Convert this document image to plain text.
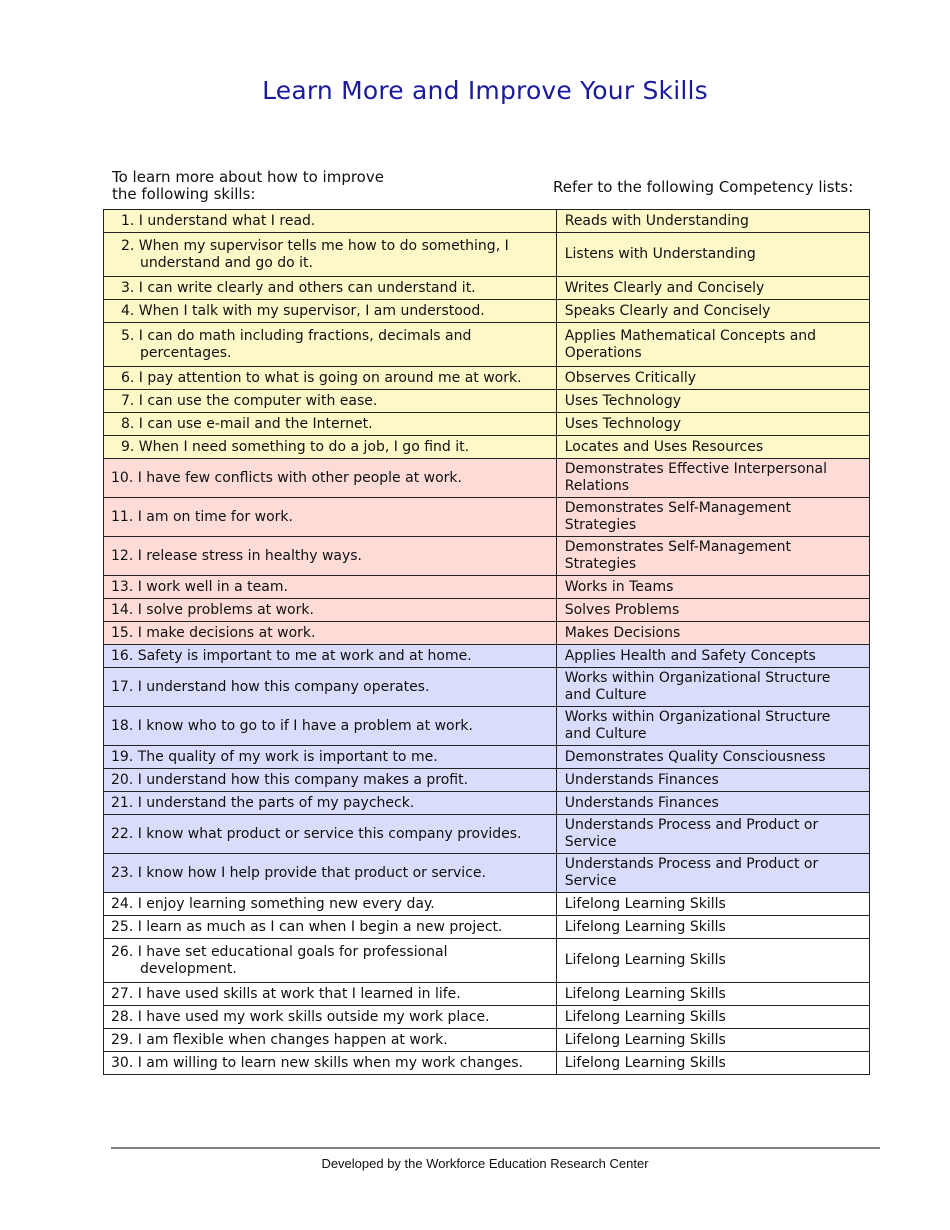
Learn More and Improve Your Skills
To learn more about how to improve the following skills:	Refer to the following Competency lists:
1. I understand what I read.	Reads with Understanding
2. When my supervisor tells me how to do something, I understand and go do it.	Listens with Understanding
3. I can write clearly and others can understand it.	Writes Clearly and Concisely
4. When I talk with my supervisor, I am understood.	Speaks Clearly and Concisely
5. I can do math including fractions, decimals and percentages.	Applies Mathematical Concepts and Operations
6. I pay attention to what is going on around me at work.	Observes Critically
7. I can use the computer with ease.	Uses Technology
8. I can use e-mail and the Internet.	Uses Technology
9. When I need something to do a job, I go find it.	Locates and Uses Resources
10. I have few conflicts with other people at work.	Demonstrates Effective Interpersonal Relations
11. I am on time for work.	Demonstrates Self-Management Strategies
12. I release stress in healthy ways.	Demonstrates Self-Management Strategies
13. I work well in a team.	Works in Teams
14. I solve problems at work.	Solves Problems
15. I make decisions at work.	Makes Decisions
16. Safety is important to me at work and at home.	Applies Health and Safety Concepts
17. I understand how this company operates.	Works within Organizational Structure and Culture
18. I know who to go to if I have a problem at work.	Works within Organizational Structure and Culture
19. The quality of my work is important to me.	Demonstrates Quality Consciousness
20. I understand how this company makes a profit.	Understands Finances
21. I understand the parts of my paycheck.	Understands Finances
22. I know what product or service this company provides.	Understands Process and Product or Service
23. I know how I help provide that product or service.	Understands Process and Product or Service
24. I enjoy learning something new every day.	Lifelong Learning Skills
25. I learn as much as I can when I begin a new project.	Lifelong Learning Skills
26. I have set educational goals for professional development.	Lifelong Learning Skills
27. I have used skills at work that I learned in life.	Lifelong Learning Skills
28. I have used my work skills outside my work place.	Lifelong Learning Skills
29. I am flexible when changes happen at work.	Lifelong Learning Skills
30. I am willing to learn new skills when my work changes.	Lifelong Learning Skills
Developed by the Workforce Education Research Center
